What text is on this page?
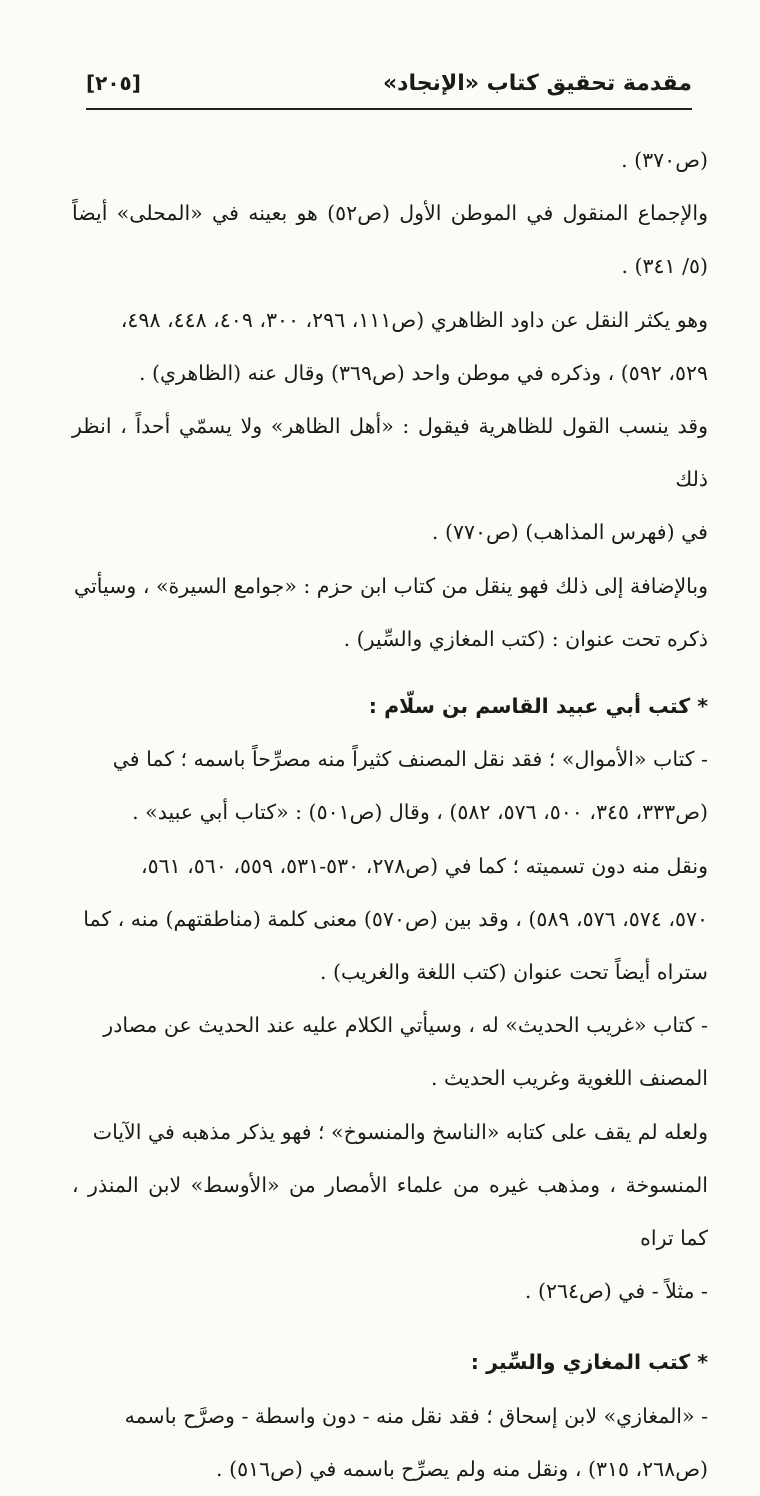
[٢٠٥]	مقدمة تحقيق كتاب «الإنجاد»

(ص٣٧٠) .

والإجماع المنقول في الموطن الأول (ص٥٢) هو بعينه في «المحلى» أيضاً (٥/ ٣٤١) .

وهو يكثر النقل عن داود الظاهري (ص١١١، ٢٩٦، ٣٠٠، ٤٠٩، ٤٤٨، ٤٩٨،

٥٢٩، ٥٩٢) ، وذكره في موطن واحد (ص٣٦٩) وقال عنه (الظاهري) .

وقد ينسب القول للظاهرية فيقول : «أهل الظاهر» ولا يسمّي أحداً ، انظر ذلك

في (فهرس المذاهب) (ص٧٧٠) .

وبالإضافة إلى ذلك فهو ينقل من كتاب ابن حزم : «جوامع السيرة» ، وسيأتي

ذكره تحت عنوان : (كتب المغازي والسِّير) .

* كتب أبي عبيد القاسم بن سلّام :

- كتاب «الأموال» ؛ فقد نقل المصنف كثيراً منه مصرِّحاً باسمه ؛ كما في

(ص٣٣٣، ٣٤٥، ٥٠٠، ٥٧٦، ٥٨٢) ، وقال (ص٥٠١) : «كتاب أبي عبيد» .

ونقل منه دون تسميته ؛ كما في (ص٢٧٨، ٥٣٠-٥٣١، ٥٥٩، ٥٦٠، ٥٦١،

٥٧٠، ٥٧٤، ٥٧٦، ٥٨٩) ، وقد بين (ص٥٧٠) معنى كلمة (مناطقتهم) منه ، كما

ستراه أيضاً تحت عنوان (كتب اللغة والغريب) .

- كتاب «غريب الحديث» له ، وسيأتي الكلام عليه عند الحديث عن مصادر

المصنف اللغوية وغريب الحديث .

ولعله لم يقف على كتابه «الناسخ والمنسوخ» ؛ فهو يذكر مذهبه في الآيات

المنسوخة ، ومذهب غيره من علماء الأمصار من «الأوسط» لابن المنذر ، كما تراه

- مثلاً - في (ص٢٦٤) .

* كتب المغازي والسِّير :

- «المغازي» لابن إسحاق ؛ فقد نقل منه - دون واسطة - وصرَّح باسمه

(ص٢٦٨، ٣١٥) ، ونقل منه ولم يصرِّح باسمه في (ص٥١٦) .
